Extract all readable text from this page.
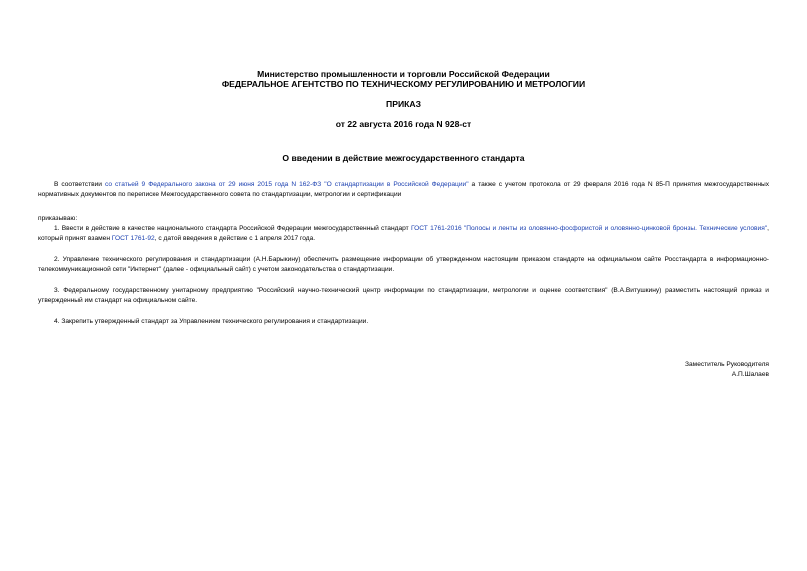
Министерство промышленности и торговли Российской Федерации
ФЕДЕРАЛЬНОЕ АГЕНТСТВО ПО ТЕХНИЧЕСКОМУ РЕГУЛИРОВАНИЮ И МЕТРОЛОГИИ
ПРИКАЗ
от 22 августа 2016 года N 928-ст
О введении в действие межгосударственного стандарта

В соответствии со статьей 9 Федерального закона от 29 июня 2015 года N 162-ФЗ "О стандартизации в Российской Федерации" а также с учетом протокола от 29 февраля 2016 года N 85-П принятия межгосударственных нормативных документов по переписке Межгосударственного совета по стандартизации, метрологии и сертификации

приказываю:

1. Ввести в действие в качестве национального стандарта Российской Федерации межгосударственный стандарт ГОСТ 1761-2016 "Полосы и ленты из оловянно-фосфористой и оловянно-цинковой бронзы. Технические условия", который принят взамен ГОСТ 1761-92, с датой введения в действие с 1 апреля 2017 года.

2. Управление технического регулирования и стандартизации (А.Н.Барыкину) обеспечить размещение информации об утвержденном настоящим приказом стандарте на официальном сайте Росстандарта в информационно-телекоммуникационной сети "Интернет" (далее - официальный сайт) с учетом законодательства о стандартизации.

3. Федеральному государственному унитарному предприятию "Российский научно-технический центр информации по стандартизации, метрологии и оценке соответствия" (В.А.Витушкину) разместить настоящий приказ и утвержденный им стандарт на официальном сайте.

4. Закрепить утвержденный стандарт за Управлением технического регулирования и стандартизации.

Заместитель Руководителя
А.П.Шалаев
